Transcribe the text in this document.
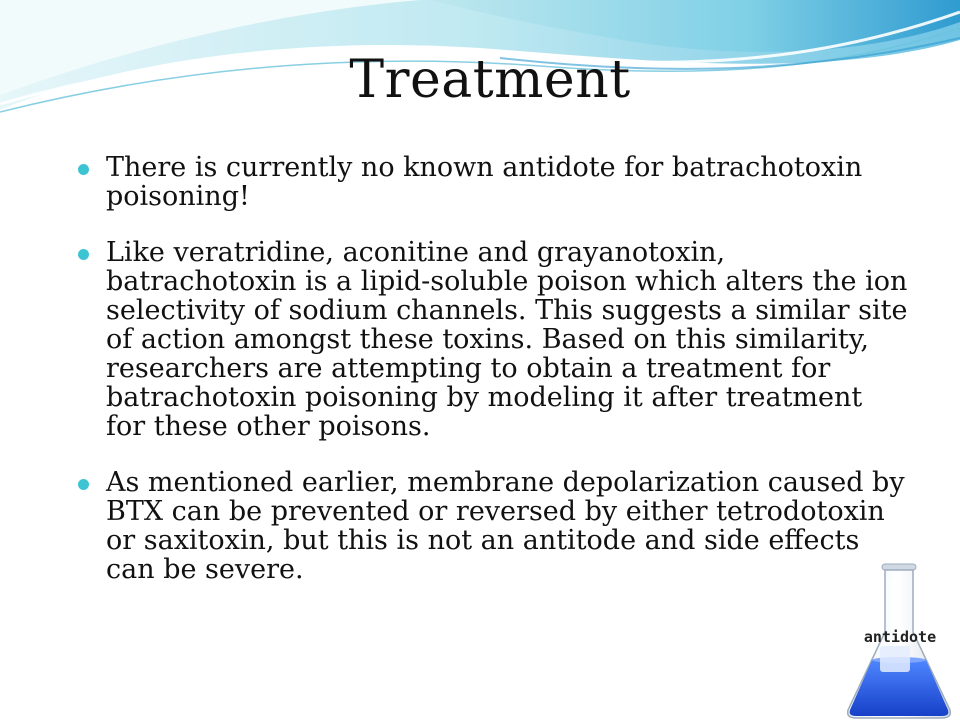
Treatment
There is currently no known antidote for batrachotoxin poisoning!
Like veratridine, aconitine and grayanotoxin, batrachotoxin is a lipid-soluble poison which alters the ion selectivity of sodium channels. This suggests a similar site of action amongst these toxins. Based on this similarity, researchers are attempting to obtain a treatment for batrachotoxin poisoning by modeling it after treatment for these other poisons.
As mentioned earlier, membrane depolarization caused by BTX can be prevented or reversed by either tetrodotoxin or saxitoxin, but this is not an antitode and side effects can be severe.
antidote
